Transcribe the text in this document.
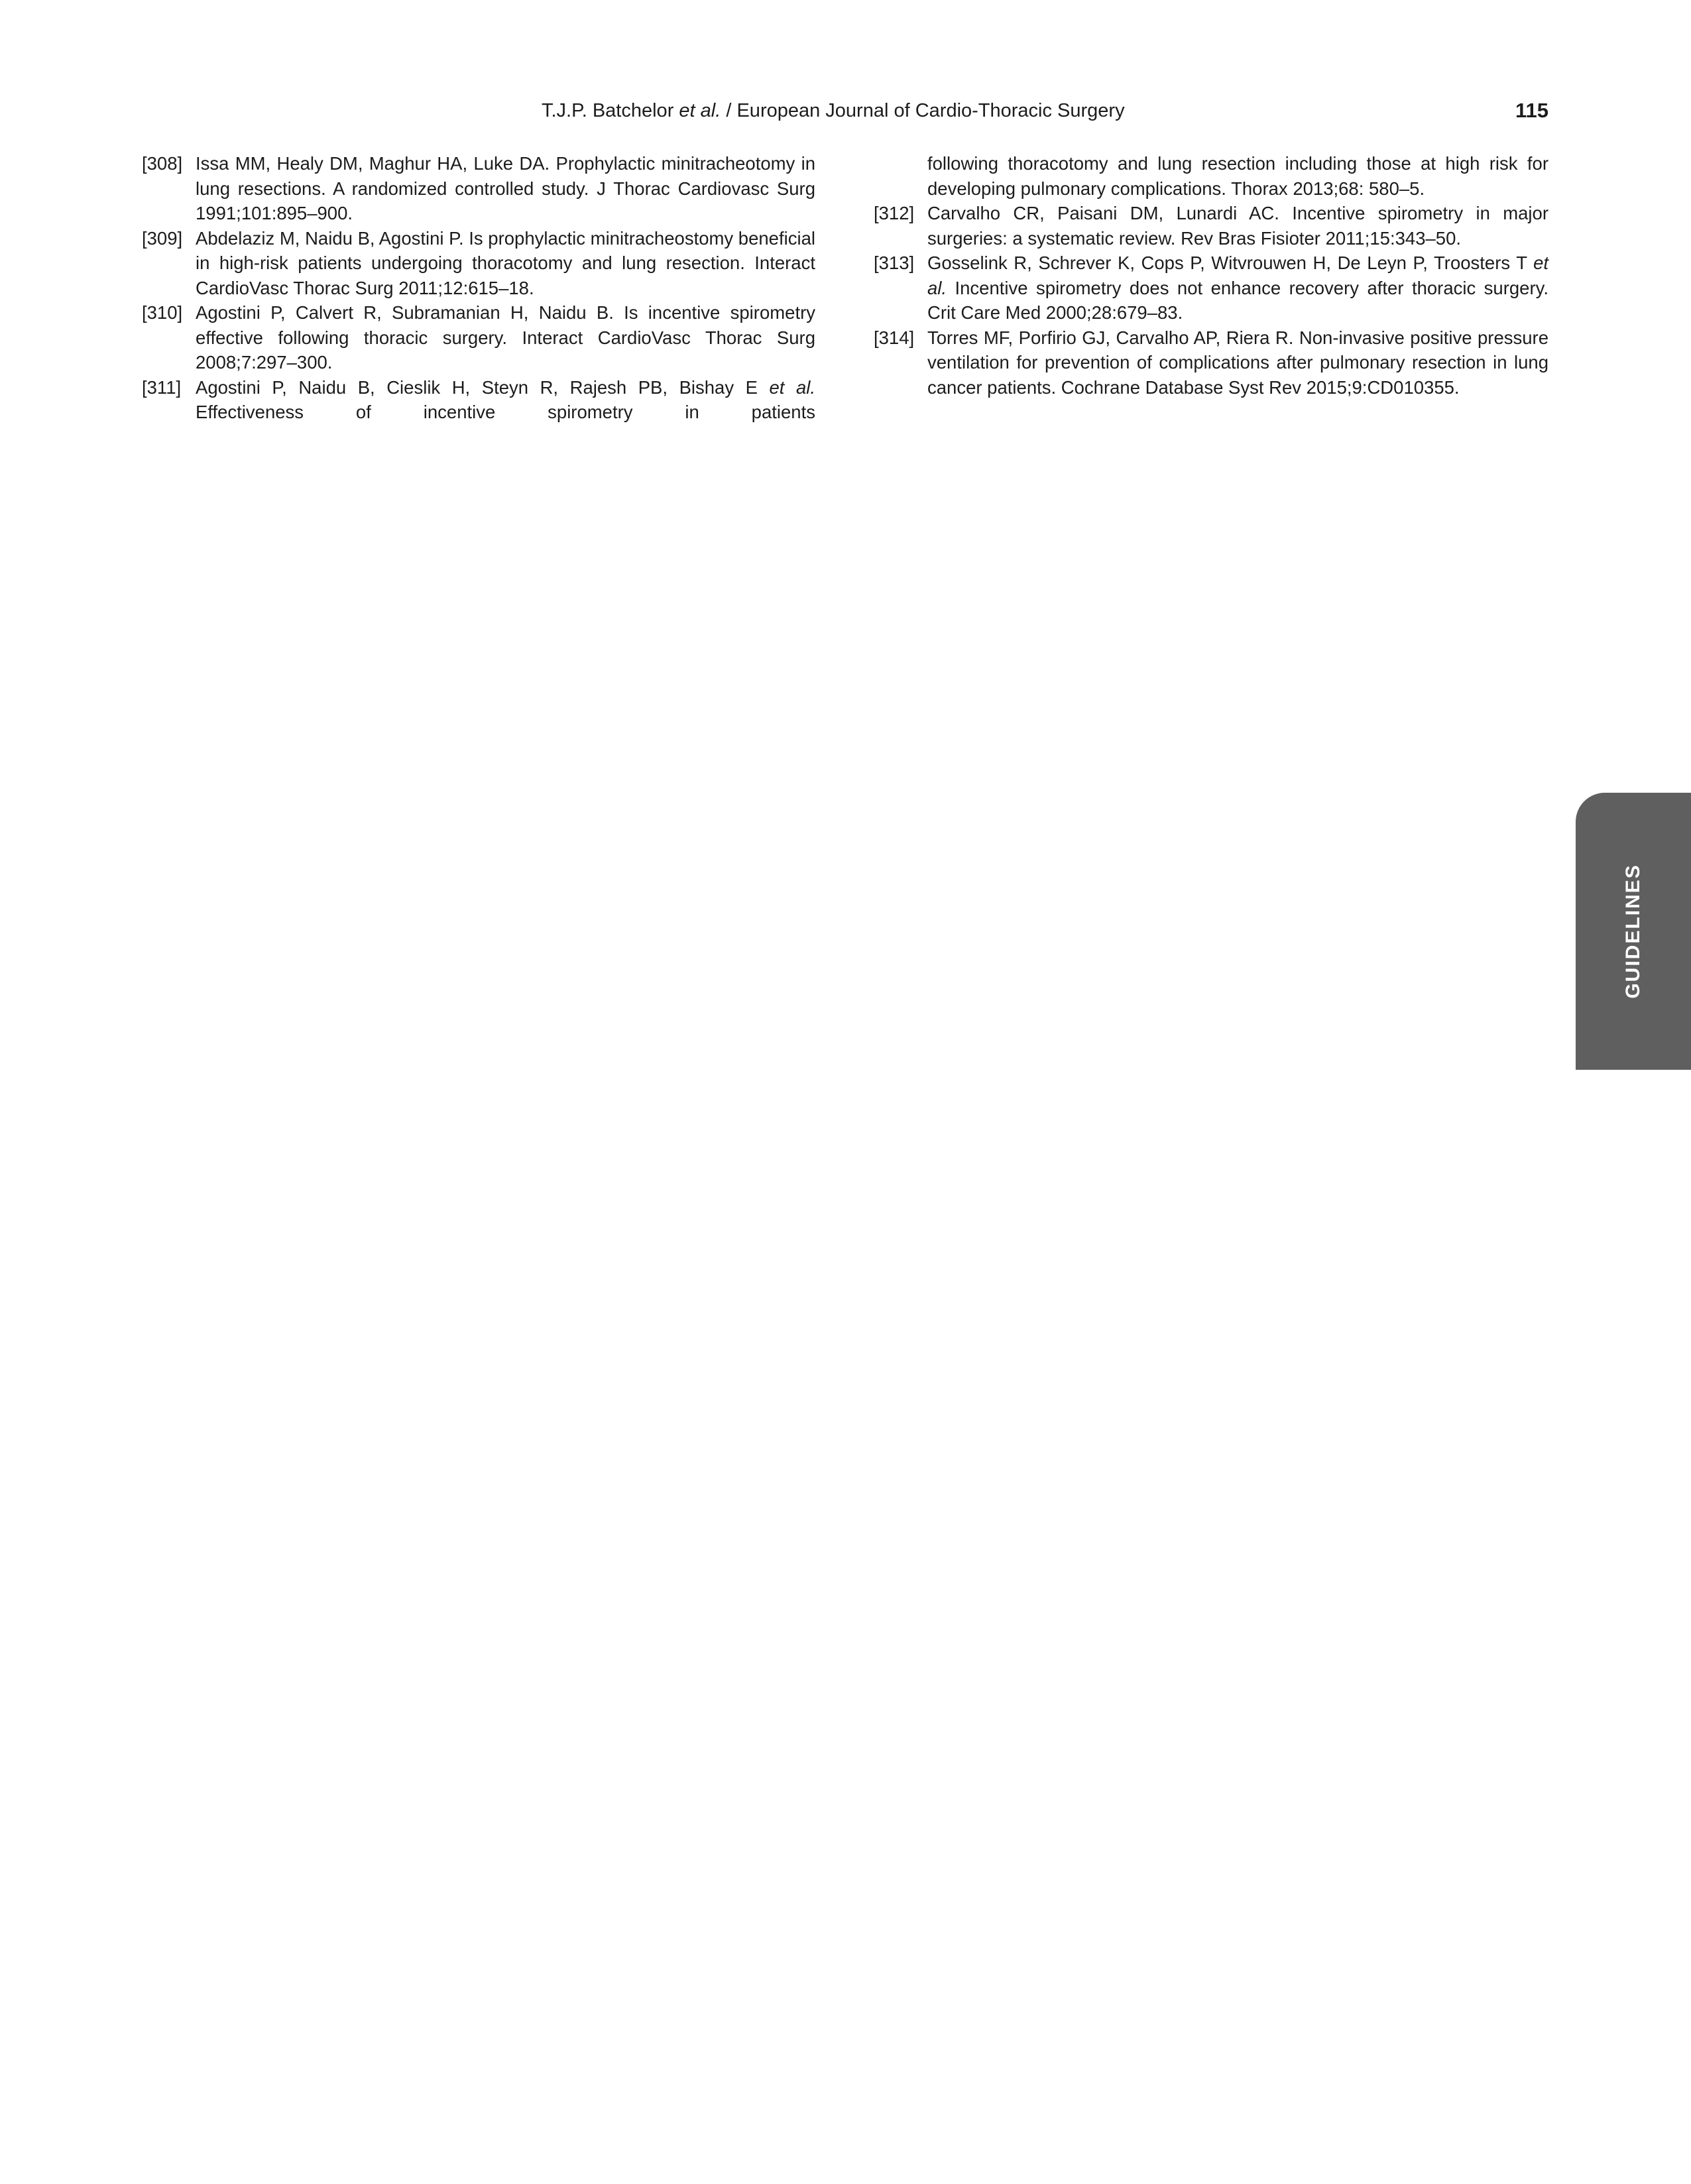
T.J.P. Batchelor et al. / European Journal of Cardio-Thoracic Surgery	115
[308] Issa MM, Healy DM, Maghur HA, Luke DA. Prophylactic minitracheotomy in lung resections. A randomized controlled study. J Thorac Cardiovasc Surg 1991;101:895–900.
[309] Abdelaziz M, Naidu B, Agostini P. Is prophylactic minitracheostomy beneficial in high-risk patients undergoing thoracotomy and lung resection. Interact CardioVasc Thorac Surg 2011;12:615–18.
[310] Agostini P, Calvert R, Subramanian H, Naidu B. Is incentive spirometry effective following thoracic surgery. Interact CardioVasc Thorac Surg 2008;7:297–300.
[311] Agostini P, Naidu B, Cieslik H, Steyn R, Rajesh PB, Bishay E et al. Effectiveness of incentive spirometry in patients
following thoracotomy and lung resection including those at high risk for developing pulmonary complications. Thorax 2013;68: 580–5.
[312] Carvalho CR, Paisani DM, Lunardi AC. Incentive spirometry in major surgeries: a systematic review. Rev Bras Fisioter 2011;15:343–50.
[313] Gosselink R, Schrever K, Cops P, Witvrouwen H, De Leyn P, Troosters T et al. Incentive spirometry does not enhance recovery after thoracic surgery. Crit Care Med 2000;28:679–83.
[314] Torres MF, Porfirio GJ, Carvalho AP, Riera R. Non-invasive positive pressure ventilation for prevention of complications after pulmonary resection in lung cancer patients. Cochrane Database Syst Rev 2015;9:CD010355.
GUIDELINES
